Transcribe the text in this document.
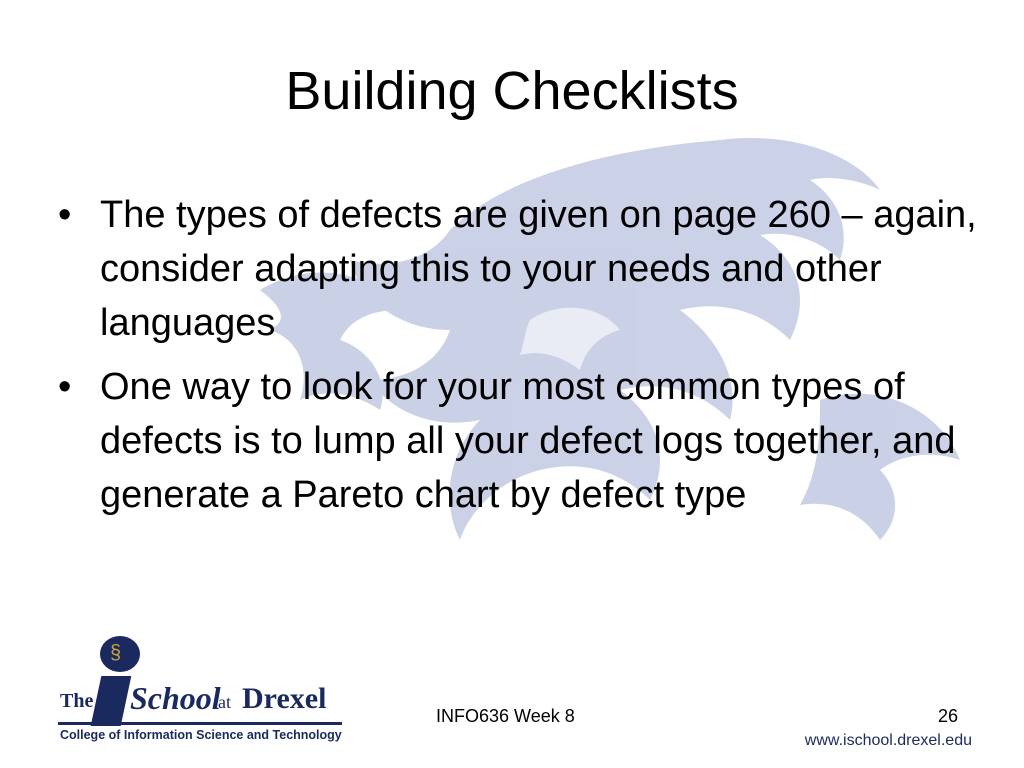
Building Checklists
• The types of defects are given on page 260 – again, consider adapting this to your needs and other languages
• One way to look for your most common types of defects is to lump all your defect logs together, and generate a Pareto chart by defect type
§
The School
at Drexel
College of Information Science and Technology
INFO636 Week 8	26
www.ischool.drexel.edu
